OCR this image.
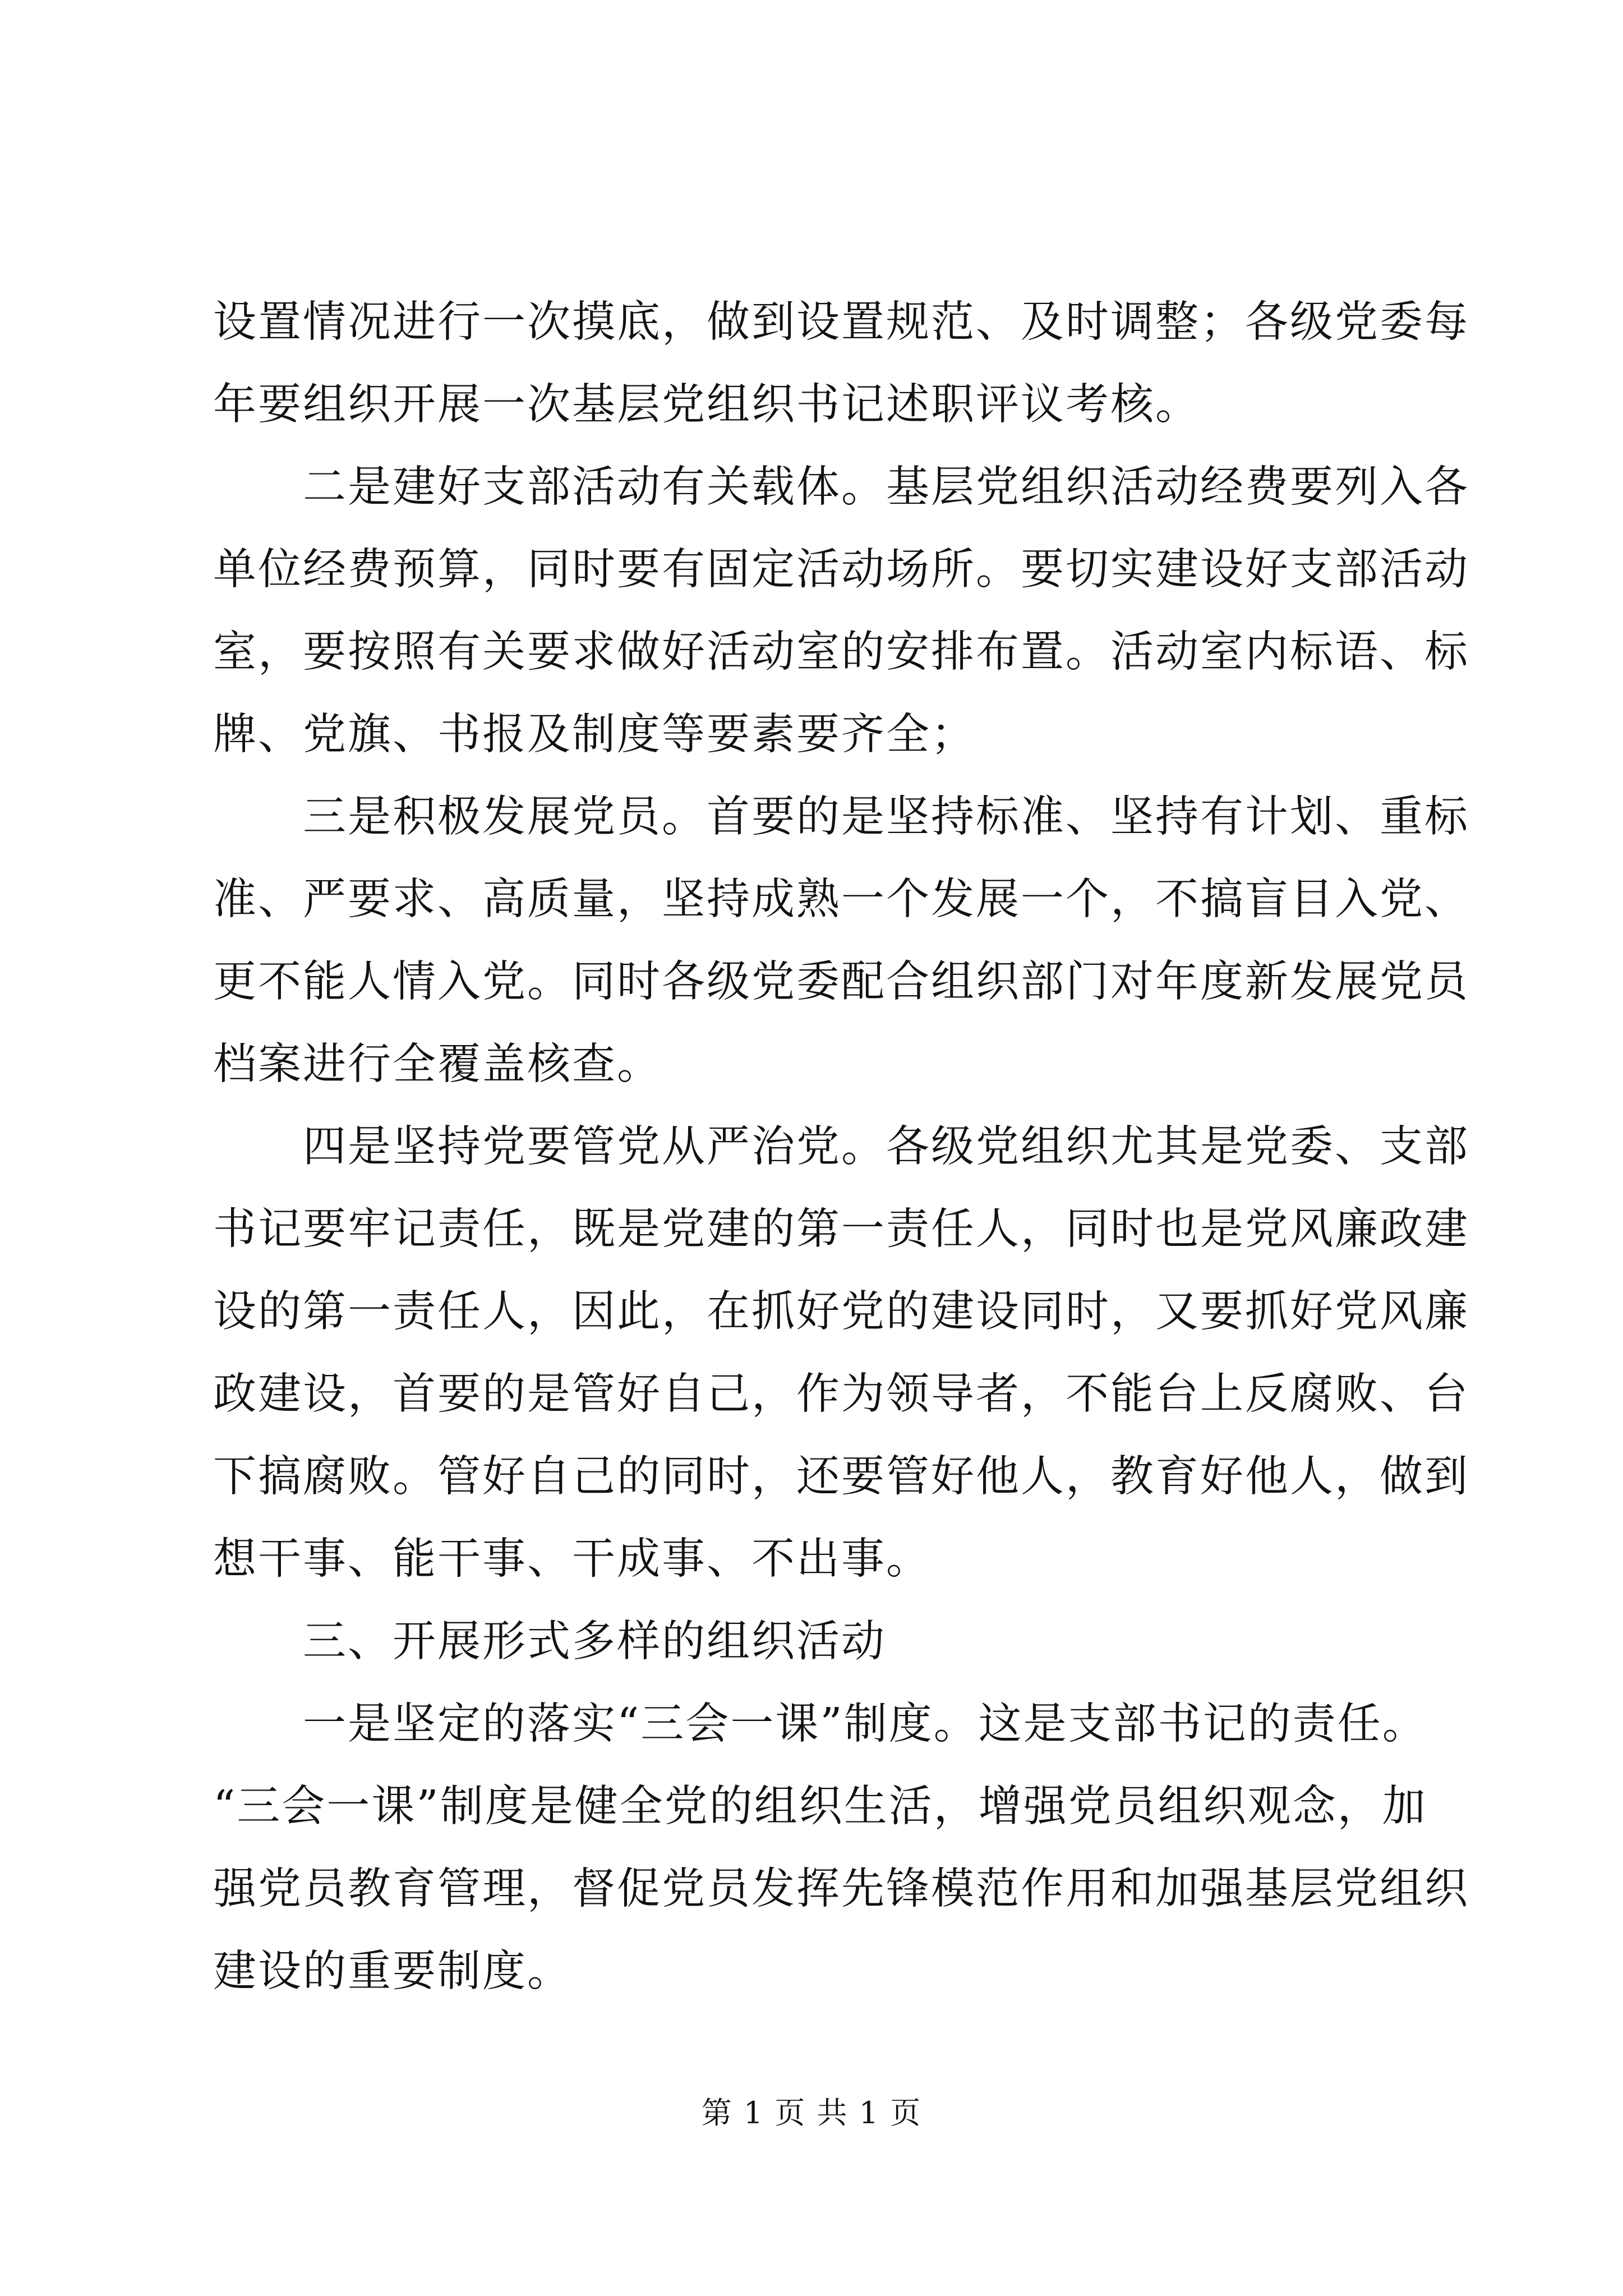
设置情况进行一次摸底，做到设置规范、及时调整；各级党委每
年要组织开展一次基层党组织书记述职评议考核。
　　二是建好支部活动有关载体。基层党组织活动经费要列入各
单位经费预算，同时要有固定活动场所。要切实建设好支部活动
室，要按照有关要求做好活动室的安排布置。活动室内标语、标
牌、党旗、书报及制度等要素要齐全；
　　三是积极发展党员。首要的是坚持标准、坚持有计划、重标
准、严要求、高质量，坚持成熟一个发展一个，不搞盲目入党、
更不能人情入党。同时各级党委配合组织部门对年度新发展党员
档案进行全覆盖核查。
　　四是坚持党要管党从严治党。各级党组织尤其是党委、支部
书记要牢记责任，既是党建的第一责任人，同时也是党风廉政建
设的第一责任人，因此，在抓好党的建设同时，又要抓好党风廉
政建设，首要的是管好自己，作为领导者，不能台上反腐败、台
下搞腐败。管好自己的同时，还要管好他人，教育好他人，做到
想干事、能干事、干成事、不出事。
　　三、开展形式多样的组织活动
　　一是坚定的落实“三会一课”制度。这是支部书记的责任。
“三会一课”制度是健全党的组织生活，增强党员组织观念，加
强党员教育管理，督促党员发挥先锋模范作用和加强基层党组织
建设的重要制度。
第 1 页 共 1 页
